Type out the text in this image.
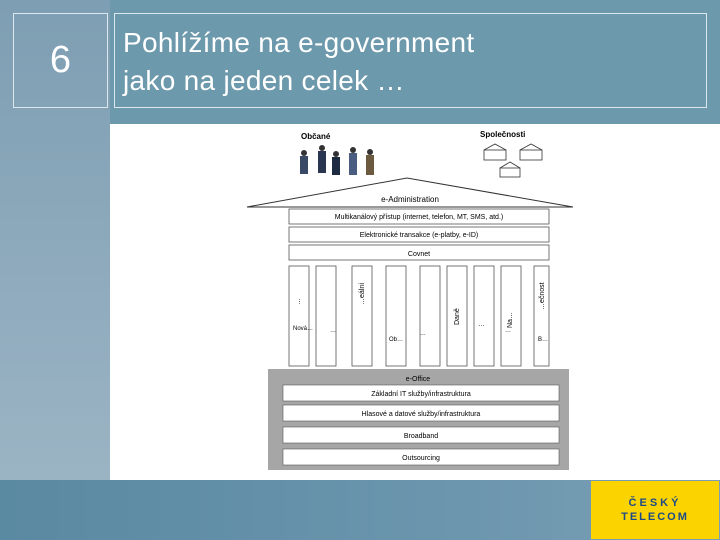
6	Pohlížíme na e-government
jako na jeden celek …
Občané	Společnosti
e-Administration
Multikanálový přístup (internet, telefon, MT, SMS, atd.)
Elektronické transakce (e-platby, e-ID)
Covnet
…	…eální
Daně …	Na…
…ečnost
Nová…	…
Ob…
…	…
B…
e-Office
Základní IT služby/infrastruktura
Hlasové a datové služby/infrastruktura
Broadband
Outsourcing
ČESKÝ
TELECOM
